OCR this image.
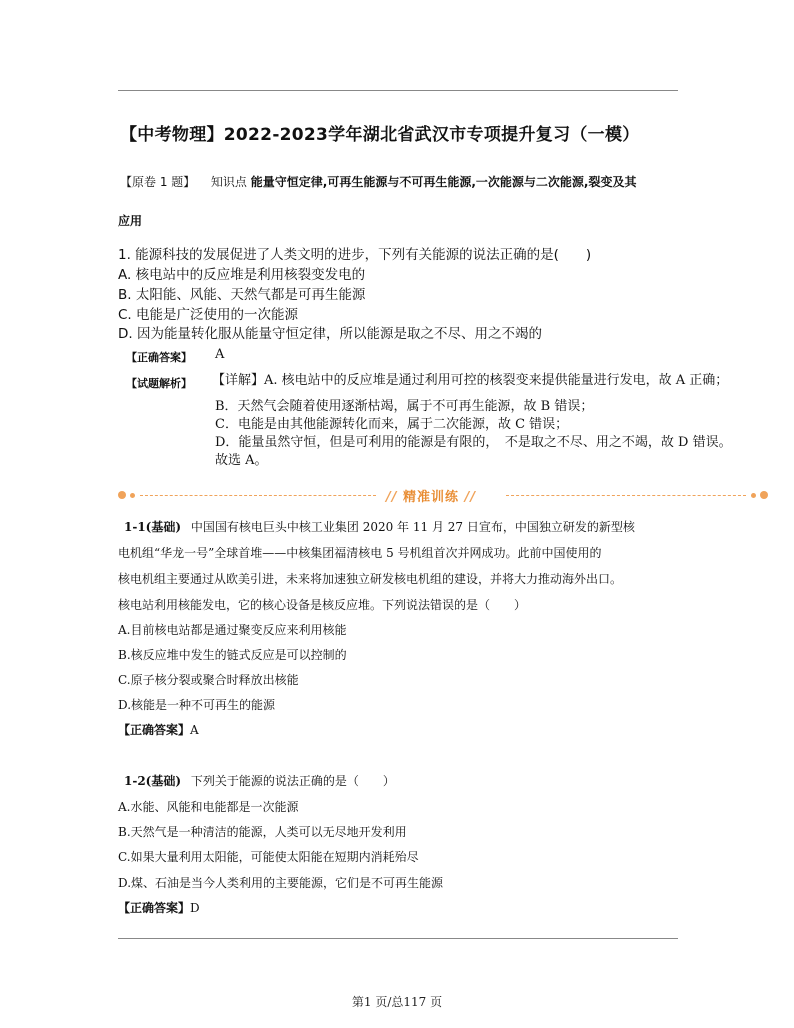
【中考物理】2022-2023学年湖北省武汉市专项提升复习（一模）
【原卷 1 题】 知识点 能量守恒定律,可再生能源与不可再生能源,一次能源与二次能源,裂变及其
应用
1. 能源科技的发展促进了人类文明的进步，下列有关能源的说法正确的是(　　)
A. 核电站中的反应堆是利用核裂变发电的
B. 太阳能、风能、天然气都是可再生能源
C. 电能是广泛使用的一次能源
D. 因为能量转化服从能量守恒定律，所以能源是取之不尽、用之不竭的
【正确答案】 A
【试题解析】 【详解】A. 核电站中的反应堆是通过利用可控的核裂变来提供能量进行发电，故 A 正确；
B．天然气会随着使用逐渐枯竭，属于不可再生能源，故 B 错误；
C．电能是由其他能源转化而来，属于二次能源，故 C 错误；
D．能量虽然守恒，但是可利用的能源是有限的，　不是取之不尽、用之不竭，故 D 错误。
故选 A。
// 精准训练 //
1-1(基础) 中国国有核电巨头中核工业集团 2020 年 11 月 27 日宣布，中国独立研发的新型核
电机组“华龙一号”全球首堆——中核集团福清核电 5 号机组首次并网成功。此前中国使用的
核电机组主要通过从欧美引进，未来将加速独立研发核电机组的建设，并将大力推动海外出口。
核电站利用核能发电，它的核心设备是核反应堆。下列说法错误的是（　　）
A.目前核电站都是通过聚变反应来利用核能
B.核反应堆中发生的链式反应是可以控制的
C.原子核分裂或聚合时释放出核能
D.核能是一种不可再生的能源
【正确答案】A
1-2(基础) 下列关于能源的说法正确的是（　　）
A.水能、风能和电能都是一次能源
B.天然气是一种清洁的能源，人类可以无尽地开发利用
C.如果大量利用太阳能，可能使太阳能在短期内消耗殆尽
D.煤、石油是当今人类利用的主要能源，它们是不可再生能源
【正确答案】D
第1 页/总117 页
